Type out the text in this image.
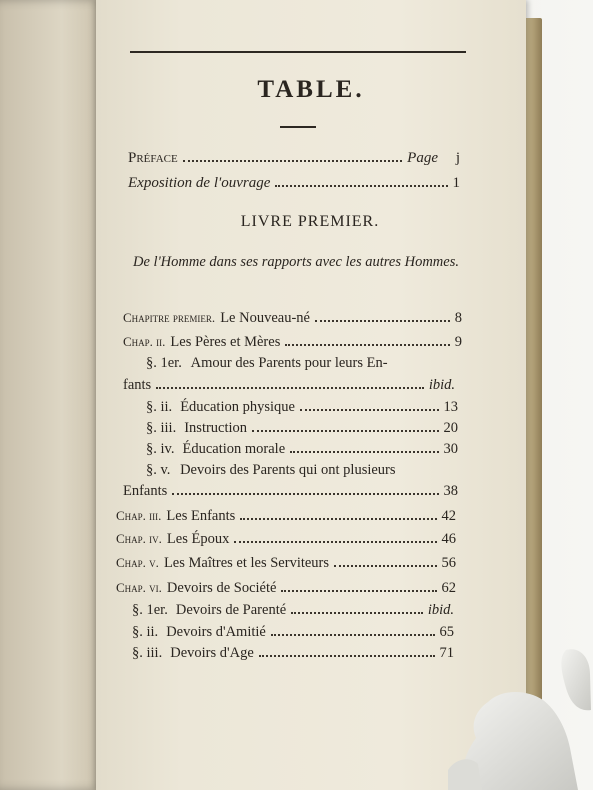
TABLE.
Préface	Page	j
Exposition de l'ouvrage	1
LIVRE PREMIER.
De l'Homme dans ses rapports avec les autres Hommes.
Chapitre premier. Le Nouveau-né	8
Chap. ii. Les Pères et Mères	9
§. 1er. Amour des Parents pour leurs En-
fants	ibid.
§. ii. Éducation physique	13
§. iii. Instruction	20
§. iv. Éducation morale	30
§. v. Devoirs des Parents qui ont plusieurs
Enfants	38
Chap. iii. Les Enfants	42
Chap. iv. Les Époux	46
Chap. v. Les Maîtres et les Serviteurs	56
Chap. vi. Devoirs de Société	62
§. 1er. Devoirs de Parenté	ibid.
§. ii. Devoirs d'Amitié	65
§. iii. Devoirs d'Age	71
